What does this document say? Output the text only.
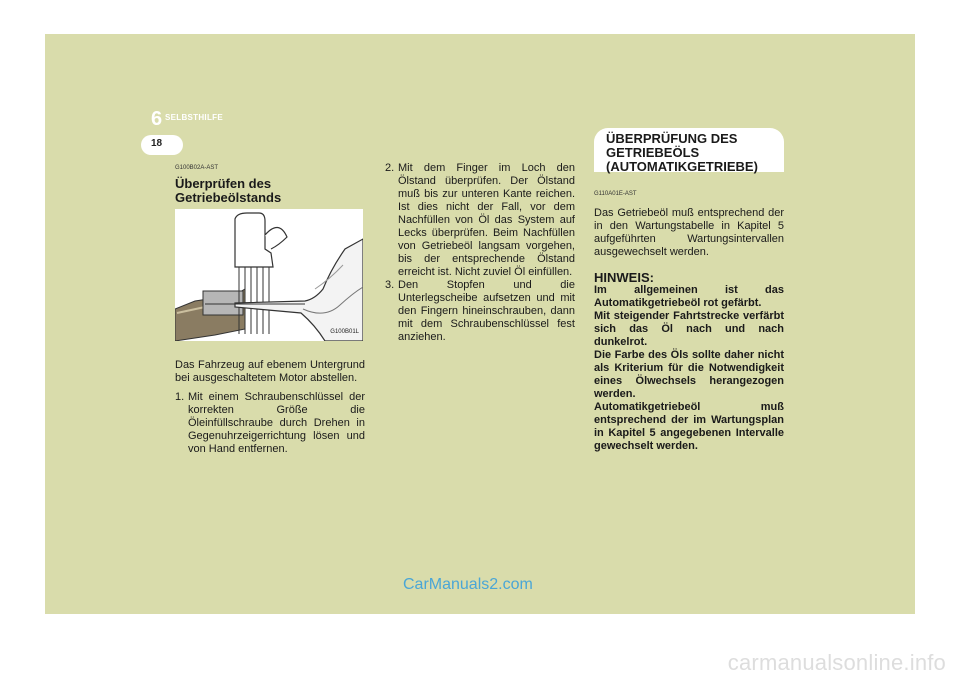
6 SELBSTHILFE
18
G100B02A-AST
Überprüfen des
Getriebeölstands
G100B01L

Das Fahrzeug auf ebenem Untergrund bei ausgeschaltetem Motor abstellen.

1. Mit einem Schraubenschlüssel der korrekten Größe die Öleinfüllschraube durch Drehen in Gegenuhrzeigerrichtung lösen und von Hand entfernen.
2. Mit dem Finger im Loch den Ölstand überprüfen. Der Ölstand muß bis zur unteren Kante reichen. Ist dies nicht der Fall, vor dem Nachfüllen von Öl das System auf Lecks überprüfen. Beim Nachfüllen von Getriebeöl langsam vorgehen, bis der entsprechende Ölstand erreicht ist. Nicht zuviel Öl einfüllen.
3. Den Stopfen und die Unterlegscheibe aufsetzen und mit den Fingern hineinschrauben, dann mit dem Schraubenschlüssel fest anziehen.
ÜBERPRÜFUNG DES GETRIEBEÖLS (AUTOMATIKGETRIEBE)
G110A01E-AST

Das Getriebeöl muß entsprechend der in den Wartungstabelle in Kapitel 5 aufgeführten Wartungsintervallen ausgewechselt werden.

HINWEIS:

Im allgemeinen ist das Automatikgetriebeöl rot gefärbt.

Mit steigender Fahrtstrecke verfärbt sich das Öl nach und nach dunkelrot.

Die Farbe des Öls sollte daher nicht als Kriterium für die Notwendigkeit eines Ölwechsels herangezogen werden.

Automatikgetriebeöl muß entsprechend der im Wartungsplan in Kapitel 5 angegebenen Intervalle gewechselt werden.

CarManuals2.com
carmanualsonline.info
